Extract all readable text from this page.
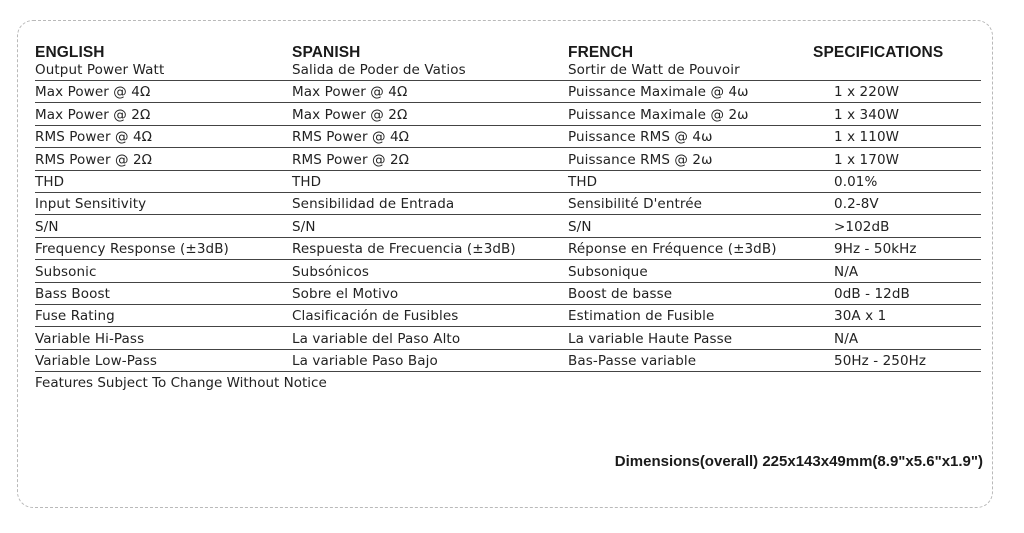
ENGLISH	SPANISH	FRENCH	SPECIFICATIONS
Output Power Watt	Salida de Poder de Vatios	Sortir de Watt de Pouvoir
Max Power @ 4Ω	Max Power @ 4Ω	Puissance Maximale @ 4ω	1 x 220W
Max Power @ 2Ω	Max Power @ 2Ω	Puissance Maximale @ 2ω	1 x 340W
RMS Power @ 4Ω	RMS Power @ 4Ω	Puissance RMS @ 4ω	1 x 110W
RMS Power @ 2Ω	RMS Power @ 2Ω	Puissance RMS @ 2ω	1 x 170W
THD	THD	THD	0.01%
Input Sensitivity	Sensibilidad de Entrada	Sensibilité D'entrée	0.2-8V
S/N	S/N	S/N	>102dB
Frequency Response (±3dB)	Respuesta de Frecuencia (±3dB)	Réponse en Fréquence (±3dB)	9Hz - 50kHz
Subsonic	Subsónicos	Subsonique	N/A
Bass Boost	Sobre el Motivo	Boost de basse	0dB - 12dB
Fuse Rating	Clasificación de Fusibles	Estimation de Fusible	30A x 1
Variable Hi-Pass	La variable del Paso Alto	La variable Haute Passe	N/A
Variable Low-Pass	La variable Paso Bajo	Bas-Passe variable	50Hz - 250Hz
Features Subject To Change Without Notice
Dimensions(overall) 225x143x49mm(8.9"x5.6"x1.9")
